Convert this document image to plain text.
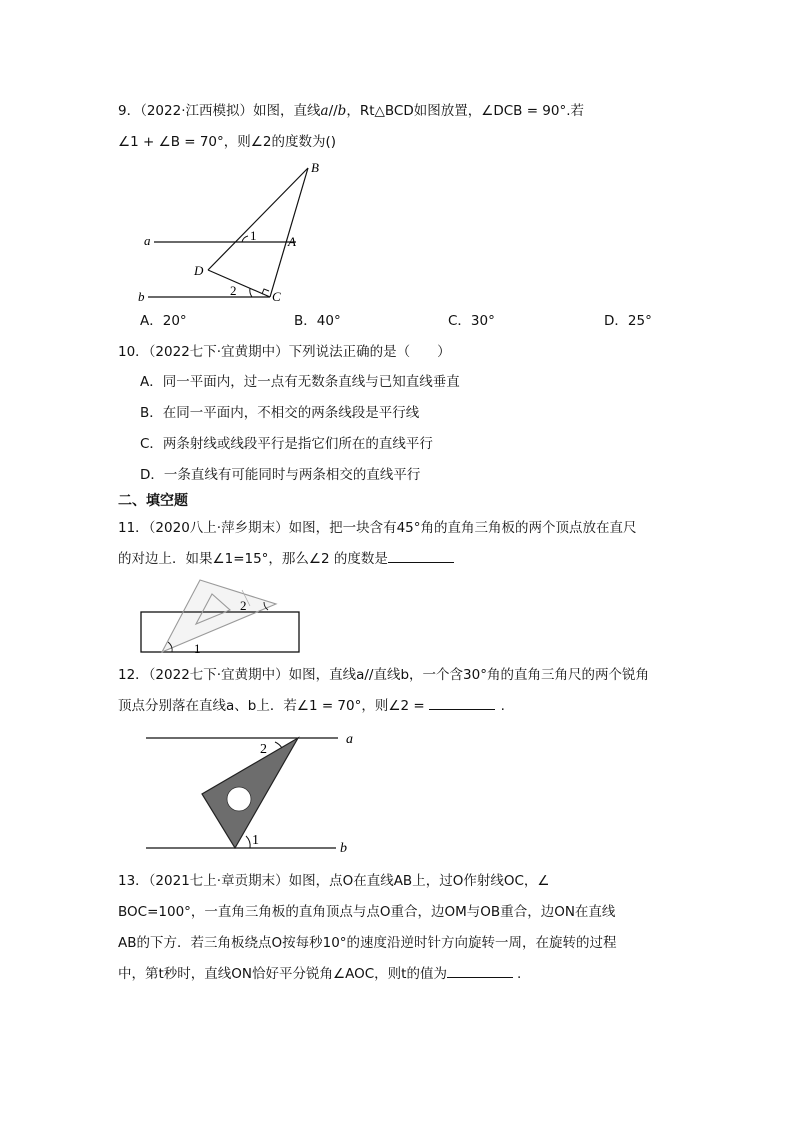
9．（2022·江西模拟）如图，直线a//b，Rt△BCD如图放置，∠DCB = 90°.若
∠1 + ∠B = 70°，则∠2的度数为()
B
a	1 A
D
b	2	C
A．20°	B．40°	C．30°	D．25°
10．（2022七下·宜黄期中）下列说法正确的是（　　）
A．同一平面内，过一点有无数条直线与已知直线垂直
B．在同一平面内，不相交的两条线段是平行线
C．两条射线或线段平行是指它们所在的直线平行
D．一条直线有可能同时与两条相交的直线平行
二、填空题
11．（2020八上·萍乡期末）如图，把一块含有45°角的直角三角板的两个顶点放在直尺
的对边上．如果∠1=15°，那么∠2 的度数是
2
1
12．（2022七下·宜黄期中）如图，直线a//直线b，一个含30°角的直角三角尺的两个锐角
顶点分别落在直线a、b上．若∠1 = 70°，则∠2 =	.
a
b
1
2
13．（2021七上·章贡期末）如图，点O在直线AB上，过O作射线OC，∠
BOC=100°，一直角三角板的直角顶点与点O重合，边OM与OB重合，边ON在直线
AB的下方．若三角板绕点O按每秒10°的速度沿逆时针方向旋转一周，在旋转的过程
中，第t秒时，直线ON恰好平分锐角∠AOC，则t的值为	.
